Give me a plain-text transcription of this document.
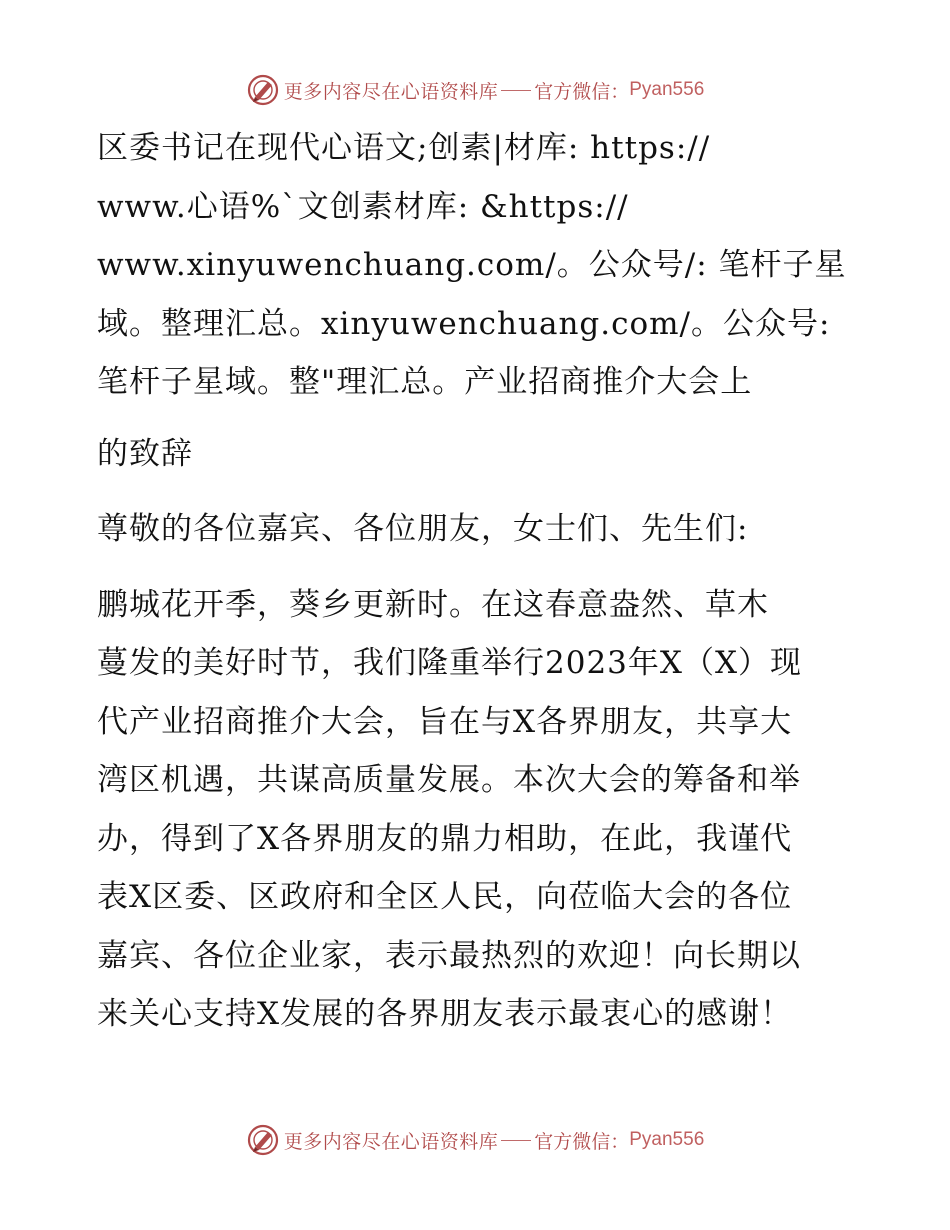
更多内容尽在心语资料库 官方微信： Pyan556
区委书记在现代心语文;创素|材库: https://
www.心语%`文创素材库: &https://
www.xinyuwenchuang.com/。公众号/: 笔杆子星
域。整理汇总。xinyuwenchuang.com/。公众号:
笔杆子星域。整"理汇总。产业招商推介大会上
的致辞
尊敬的各位嘉宾、各位朋友，女士们、先生们:
鹏城花开季，葵乡更新时。在这春意盎然、草木
蔓发的美好时节，我们隆重举行2023年X（X）现
代产业招商推介大会，旨在与X各界朋友，共享大
湾区机遇，共谋高质量发展。本次大会的筹备和举
办，得到了X各界朋友的鼎力相助，在此，我谨代
表X区委、区政府和全区人民，向莅临大会的各位
嘉宾、各位企业家，表示最热烈的欢迎！向长期以
来关心支持X发展的各界朋友表示最衷心的感谢！
更多内容尽在心语资料库 官方微信： Pyan556
